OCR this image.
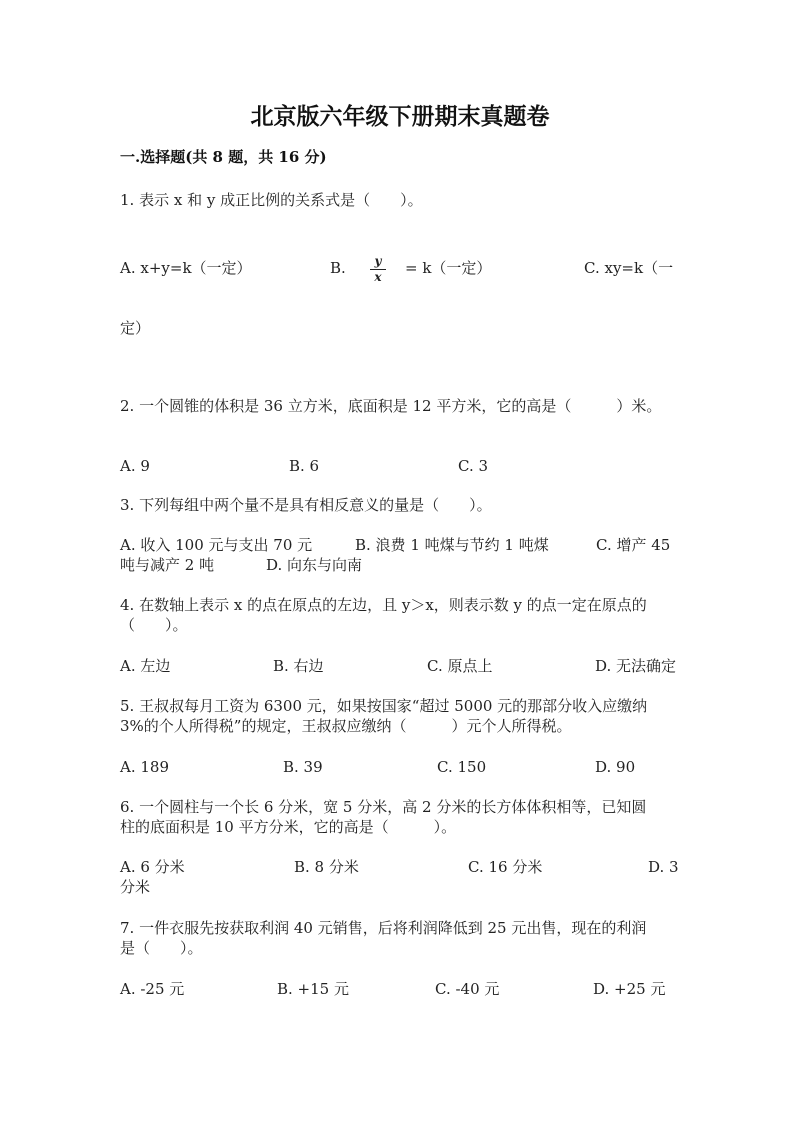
北京版六年级下册期末真题卷
一.选择题(共 8 题，共 16 分)
1. 表示 x 和 y 成正比例的关系式是（　　）。
A. x+y=k（一定）	B.	y
x = k（一定）	C. xy=k（一
定）
2. 一个圆锥的体积是 36 立方米，底面积是 12 平方米，它的高是（　　　）米。
A. 9	B. 6	C. 3
3. 下列每组中两个量不是具有相反意义的量是（　　）。
A. 收入 100 元与支出 70 元	B. 浪费 1 吨煤与节约 1 吨煤	C. 增产 45
吨与减产 2 吨	D. 向东与向南
4. 在数轴上表示 x 的点在原点的左边，且 y＞x，则表示数 y 的点一定在原点的
（　　）。
A. 左边	B. 右边	C. 原点上	D. 无法确定
5. 王叔叔每月工资为 6300 元，如果按国家“超过 5000 元的那部分收入应缴纳
3%的个人所得税”的规定，王叔叔应缴纳（　　　）元个人所得税。
A. 189	B. 39	C. 150	D. 90
6. 一个圆柱与一个长 6 分米，宽 5 分米，高 2 分米的长方体体积相等，已知圆
柱的底面积是 10 平方分米，它的高是（　　　）。
A. 6 分米	B. 8 分米	C. 16 分米	D. 3
分米
7. 一件衣服先按获取利润 40 元销售，后将利润降低到 25 元出售，现在的利润
是（　　）。
A. -25 元	B. +15 元	C. -40 元	D. +25 元
